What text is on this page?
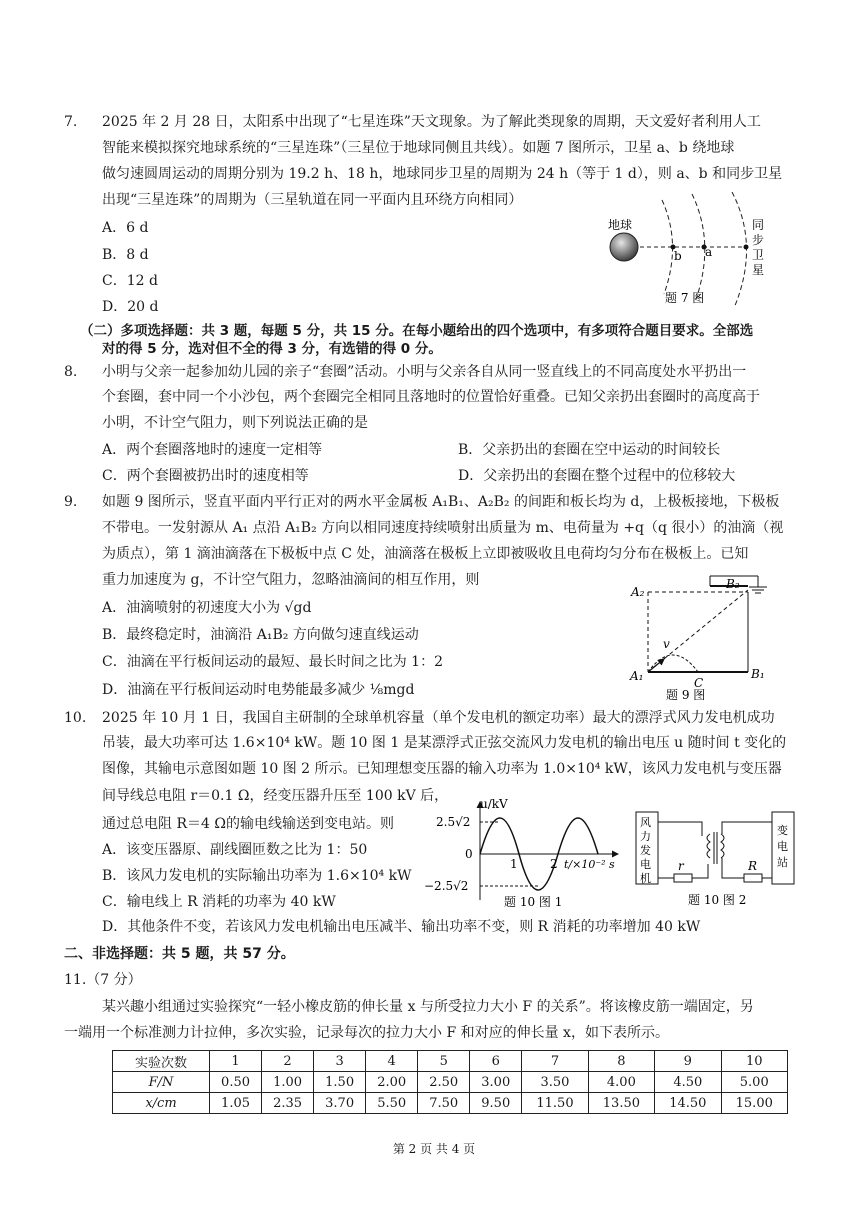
7. 2025 年 2 月 28 日，太阳系中出现了“七星连珠”天文现象。为了解此类现象的周期，天文爱好者利用人工
智能来模拟探究地球系统的“三星连珠”（三星位于地球同侧且共线）。如题 7 图所示，卫星 a、b 绕地球
做匀速圆周运动的周期分别为 19.2 h、18 h，地球同步卫星的周期为 24 h（等于 1 d），则 a、b 和同步卫星
出现“三星连珠”的周期为（三星轨道在同一平面内且环绕方向相同）
A．6 d
B．8 d
C．12 d
D．20 d
地球
b a
同
步
卫
星
题 7 图
（二）多项选择题：共 3 题，每题 5 分，共 15 分。在每小题给出的四个选项中，有多项符合题目要求。全部选
对的得 5 分，选对但不全的得 3 分，有选错的得 0 分。
8. 小明与父亲一起参加幼儿园的亲子“套圈”活动。小明与父亲各自从同一竖直线上的不同高度处水平扔出一
个套圈，套中同一个小沙包，两个套圈完全相同且落地时的位置恰好重叠。已知父亲扔出套圈时的高度高于
小明，不计空气阻力，则下列说法正确的是
A．两个套圈落地时的速度一定相等	B．父亲扔出的套圈在空中运动的时间较长
C．两个套圈被扔出时的速度相等	D．父亲扔出的套圈在整个过程中的位移较大
9. 如题 9 图所示，竖直平面内平行正对的两水平金属板 A₁B₁、A₂B₂ 的间距和板长均为 d，上极板接地，下极板
不带电。一发射源从 A₁ 点沿 A₁B₂ 方向以相同速度持续喷射出质量为 m、电荷量为 +q（q 很小）的油滴（视
为质点），第 1 滴油滴落在下极板中点 C 处，油滴落在极板上立即被吸收且电荷均匀分布在极板上。已知
重力加速度为 g，不计空气阻力，忽略油滴间的相互作用，则
A．油滴喷射的初速度大小为 √gd
B．最终稳定时，油滴沿 A₁B₂ 方向做匀速直线运动
C．油滴在平行板间运动的最短、最长时间之比为 1：2
D．油滴在平行板间运动时电势能最多减少 ⅛mgd
A₂
B₂
A₁	B₁
C
v
题 9 图
10. 2025 年 10 月 1 日，我国自主研制的全球单机容量（单个发电机的额定功率）最大的漂浮式风力发电机成功
吊装，最大功率可达 1.6×10⁴ kW。题 10 图 1 是某漂浮式正弦交流风力发电机的输出电压 u 随时间 t 变化的
图像，其输电示意图如题 10 图 2 所示。已知理想变压器的输入功率为 1.0×10⁴ kW，该风力发电机与变压器
间导线总电阻 r＝0.1 Ω，经变压器升压至 100 kV 后，
通过总电阻 R＝4 Ω的输电线输送到变电站。则
A．该变压器原、副线圈匝数之比为 1：50
B．该风力发电机的实际输出功率为 1.6×10⁴ kW
C．输电线上 R 消耗的功率为 40 kW
D．其他条件不变，若该风力发电机输出电压减半、输出功率不变，则 R 消耗的功率增加 40 kW
u/kV
2.5√2
0
−2.5√2
1	2 t/×10⁻² s
题 10 图 1
风
力
发
电
机
变
电
站
r	R
题 10 图 2
二、非选择题：共 5 题，共 57 分。
11.（7 分）
某兴趣小组通过实验探究“一轻小橡皮筋的伸长量 x 与所受拉力大小 F 的关系”。将该橡皮筋一端固定，另
一端用一个标准测力计拉伸，多次实验，记录每次的拉力大小 F 和对应的伸长量 x，如下表所示。
实验次数	1	2	3	4	5	6	7	8	9	10
F/N	0.50	1.00	1.50	2.00	2.50	3.00	3.50	4.00	4.50	5.00
x/cm	1.05	2.35	3.70	5.50	7.50	9.50	11.50	13.50	14.50	15.00
第 2 页 共 4 页
